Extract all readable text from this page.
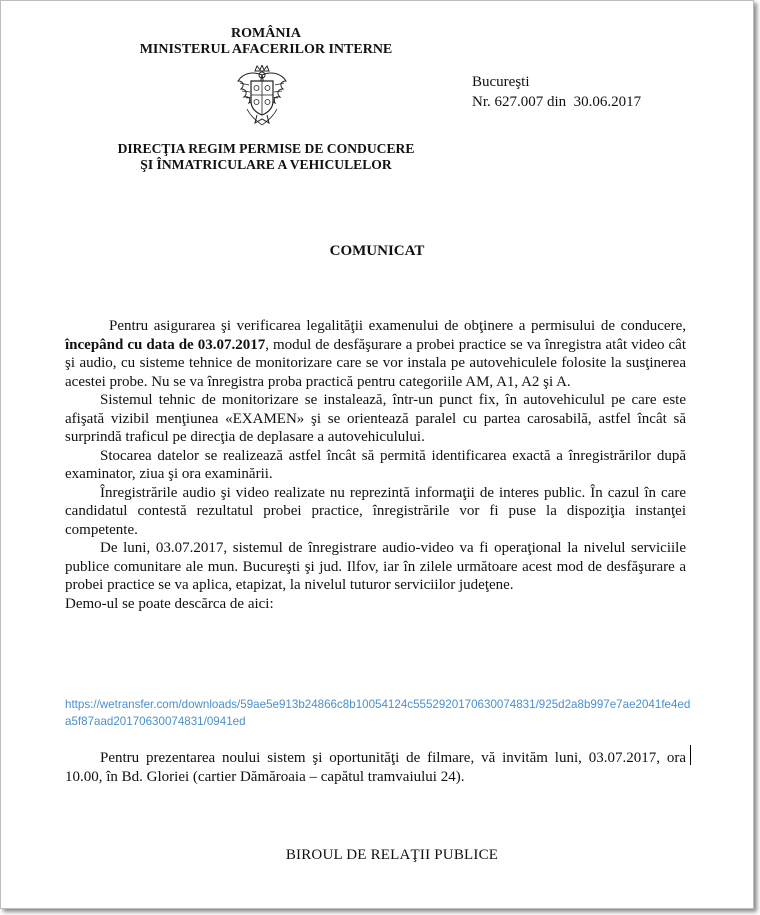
ROMÂNIA
MINISTERUL AFACERILOR INTERNE
DIRECŢIA REGIM PERMISE DE CONDUCERE
ŞI ÎNMATRICULARE A VEHICULELOR
Bucureşti
Nr. 627.007 din  30.06.2017
COMUNICAT

Pentru asigurarea şi verificarea legalităţii examenului de obţinere a permisului de conducere, începând cu data de 03.07.2017, modul de desfăşurare a probei practice se va înregistra atât video cât şi audio, cu sisteme tehnice de monitorizare care se vor instala pe autovehiculele folosite la susţinerea acestei probe. Nu se va înregistra proba practică pentru categoriile AM, A1, A2 şi A.

Sistemul tehnic de monitorizare se instalează, într-un punct fix, în autovehiculul pe care este afişată vizibil menţiunea «EXAMEN» şi se orientează paralel cu partea carosabilă, astfel încât să surprindă traficul pe direcţia de deplasare a autovehiculului.

Stocarea datelor se realizează astfel încât să permită identificarea exactă a înregistrărilor după examinator, ziua şi ora examinării.

Înregistrările audio şi video realizate nu reprezintă informaţii de interes public. În cazul în care candidatul contestă rezultatul probei practice, înregistrările vor fi puse la dispoziţia instanţei competente.

De luni, 03.07.2017, sistemul de înregistrare audio-video va fi operaţional la nivelul serviciile publice comunitare ale mun. Bucureşti şi jud. Ilfov, iar în zilele următoare acest mod de desfăşurare a probei practice se va aplica, etapizat, la nivelul tuturor serviciilor judeţene.

Demo-ul se poate descărca de aici:

https://wetransfer.com/downloads/59ae5e913b24866c8b10054124c5552920170630074831/925d2a8b997e7ae2041fe4eda5f87aad20170630074831/0941ed

Pentru prezentarea noului sistem şi oportunităţi de filmare, vă invităm luni, 03.07.2017, ora 10.00, în Bd. Gloriei (cartier Dămăroaia – capătul tramvaiului 24).

BIROUL DE RELAŢII PUBLICE
